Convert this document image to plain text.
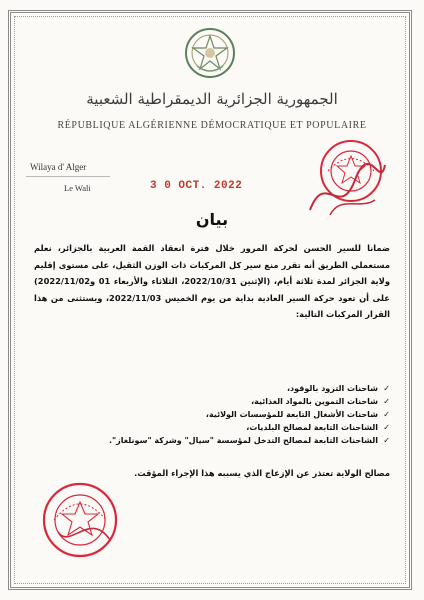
الجمهورية الجزائرية الديمقراطية الشعبية
RÉPUBLIQUE ALGÉRIENNE DÉMOCRATIQUE ET POPULAIRE
Wilaya d' Alger
Le Wali	3 0 OCT. 2022
بيان
ضمانا للسير الحسن لحركة المرور خلال فترة انعقاد القمة العربية بالجزائر، نعلم مستعملي الطريق أنه تقرر منع سير كل المركبات ذات الوزن الثقيل، على مستوى إقليم ولاية الجزائر لمدة ثلاثة أيام، (الإثنين 2022/10/31، الثلاثاء والأربعاء 01 و2022/11/02) على أن تعود حركة السير العادية بداية من يوم الخميس 2022/11/03، ويستثنى من هذا القرار المركبات التالية:
✓ شاحنات التزود بالوقود،
✓ شاحنات التموين بالمواد الغذائية،
✓ شاحنات الأشغال التابعة للمؤسسات الولائية،
✓ الشاحنات التابعة لمصالح البلديات،
✓ الشاحنات التابعة لمصالح التدخل لمؤسسة "سيال" وشركة "سونلغاز".
مصالح الولاية تعتذر عن الإزعاج الذي يسببه هذا الإجراء المؤقت.
